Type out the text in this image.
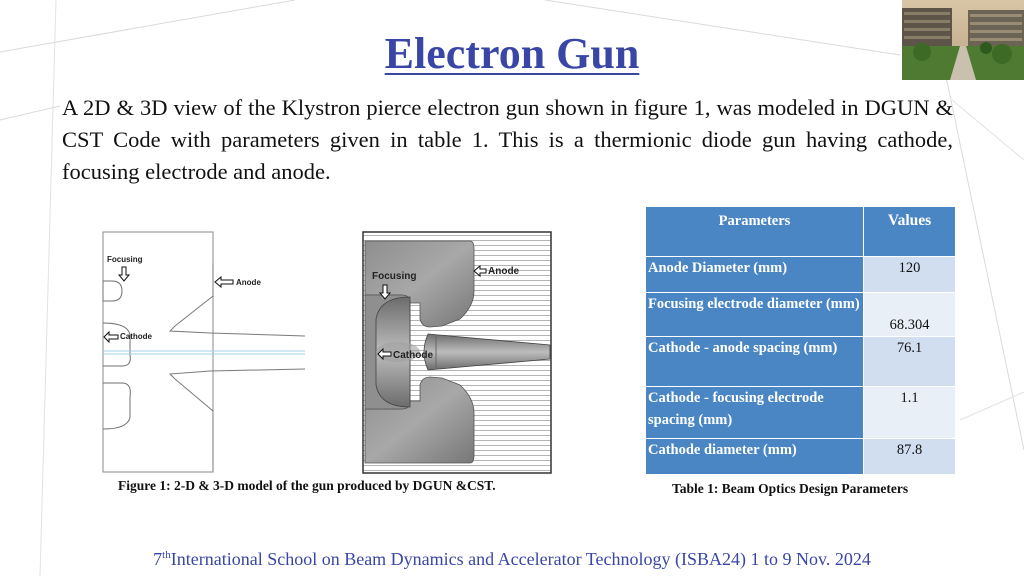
Electron Gun
A 2D & 3D view of the Klystron pierce electron gun shown in figure 1, was modeled in DGUN & CST Code with parameters given in table 1. This is a thermionic diode gun having cathode, focusing electrode and anode.
Focusing
Anode
Cathode
Focusing	Anode
Cathode
Figure 1: 2-D & 3-D model of the gun produced by DGUN &CST.
Parameters	Values
Anode Diameter (mm)	120
Focusing electrode diameter (mm)	68.304
Cathode - anode spacing (mm)	76.1
Cathode - focusing electrode spacing (mm)	1.1
Cathode diameter (mm)	87.8
Table 1: Beam Optics Design Parameters
7thInternational School on Beam Dynamics and Accelerator Technology (ISBA24) 1 to 9 Nov. 2024
